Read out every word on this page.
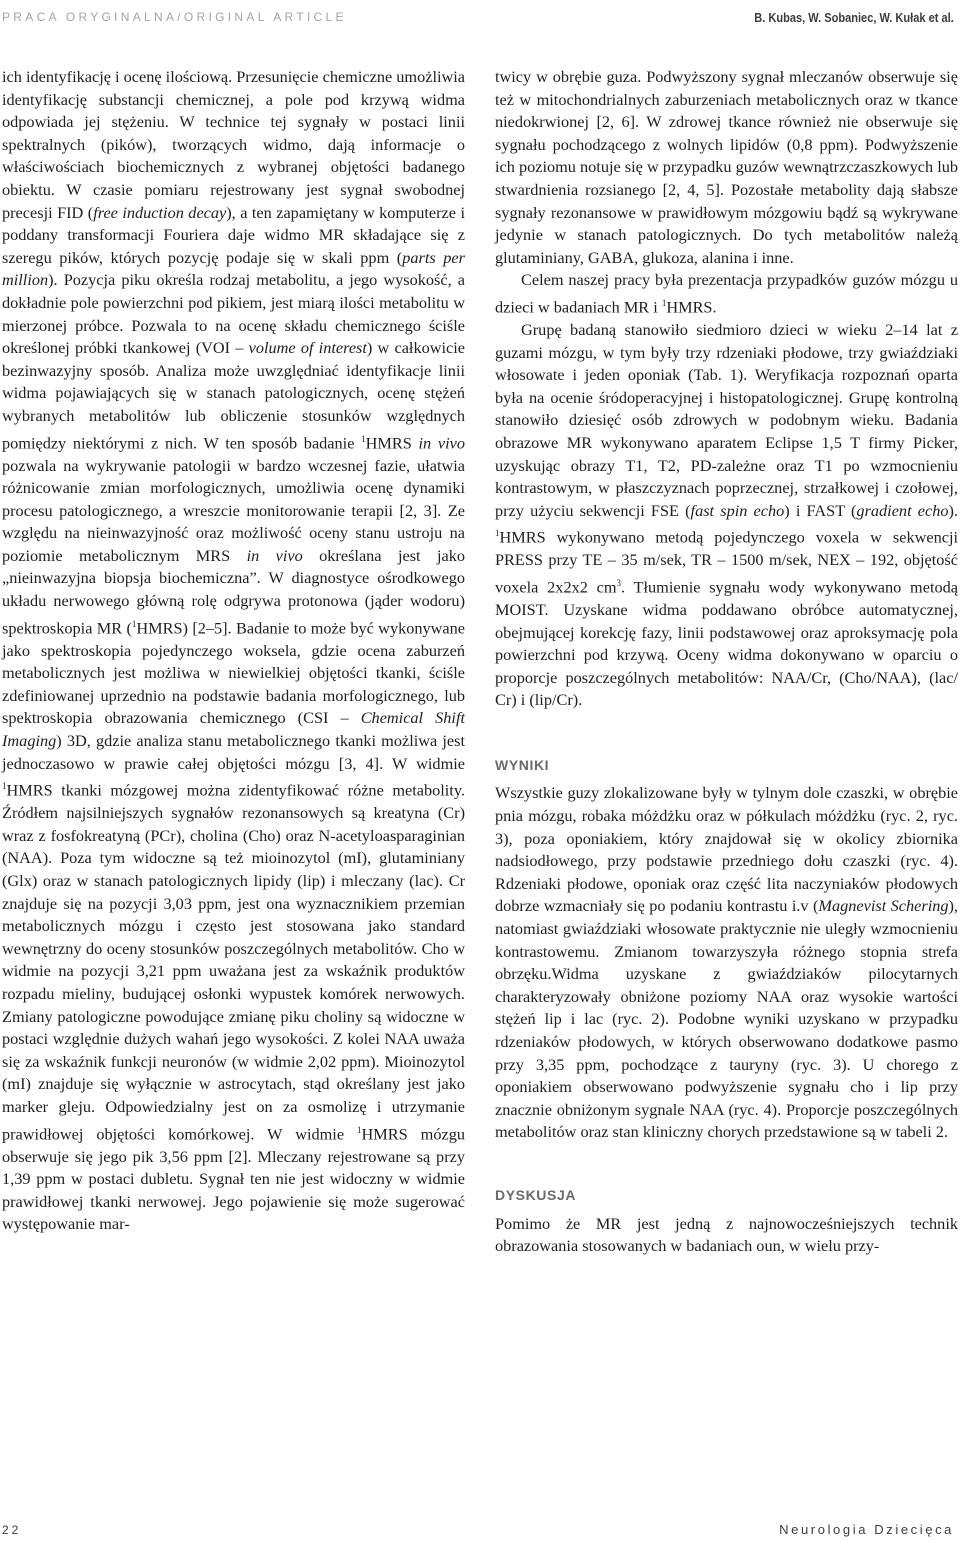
PRACA ORYGINALNA/ORIGINAL ARTICLE	B. Kubas, W. Sobaniec, W. Kułak et al.

ich identyfikację i ocenę ilościową. Przesunięcie chemiczne umożliwia identyfikację substancji chemicznej, a pole pod krzywą widma odpowiada jej stężeniu. W technice tej sygnały w postaci linii spektralnych (pików), tworzących widmo, dają informacje o właściwościach biochemicznych z wybranej objętości badanego obiektu. W czasie pomiaru rejestrowany jest sygnał swobodnej precesji FID (free induction decay), a ten zapamiętany w komputerze i poddany transformacji Fouriera daje widmo MR składające się z szeregu pików, których pozycję podaje się w skali ppm (parts per million). Pozycja piku określa rodzaj metabolitu, a jego wysokość, a dokładnie pole powierzchni pod pikiem, jest miarą ilości metabolitu w mierzonej próbce. Pozwala to na ocenę składu chemicznego ściśle określonej próbki tkankowej (VOI – volume of interest) w całkowicie bezinwazyjny sposób. Analiza może uwzględniać identyfikacje linii widma pojawiających się w stanach patologicznych, ocenę stężeń wybranych metabolitów lub obliczenie stosunków względnych pomiędzy niektórymi z nich. W ten sposób badanie $^1$HMRS in vivo pozwala na wykrywanie patologii w bardzo wczesnej fazie, ułatwia różnicowanie zmian morfologicznych, umożliwia ocenę dynamiki procesu patologicznego, a wreszcie monitorowanie terapii [2, 3]. Ze względu na nieinwazyjność oraz możliwość oceny stanu ustroju na poziomie metabolicznym MRS in vivo określana jest jako „nieinwazyjna biopsja biochemiczna”. W diagnostyce ośrodkowego układu nerwowego główną rolę odgrywa protonowa (jąder wodoru) spektroskopia MR ($^1$HMRS) [2–5]. Badanie to może być wykonywane jako spektroskopia pojedynczego woksela, gdzie ocena zaburzeń metabolicznych jest możliwa w niewielkiej objętości tkanki, ściśle zdefiniowanej uprzednio na podstawie badania morfologicznego, lub spektroskopia obrazowania chemicznego (CSI – Chemical Shift Imaging) 3D, gdzie analiza stanu metabolicznego tkanki możliwa jest jednoczasowo w prawie całej objętości mózgu [3, 4]. W widmie $^1$HMRS tkanki mózgowej można zidentyfikować różne metabolity. Źródłem najsilniejszych sygnałów rezonansowych są kreatyna (Cr) wraz z fosfokreatyną (PCr), cholina (Cho) oraz N-acetyloasparaginian (NAA). Poza tym widoczne są też mioinozytol (mI), glutaminiany (Glx) oraz w stanach patologicznych lipidy (lip) i mleczany (lac). Cr znajduje się na pozycji 3,03 ppm, jest ona wyznacznikiem przemian metabolicznych mózgu i często jest stosowana jako standard wewnętrzny do oceny stosunków poszczególnych metabolitów. Cho w widmie na pozycji 3,21 ppm uważana jest za wskaźnik produktów rozpadu mieliny, budującej osłonki wypustek komórek nerwowych. Zmiany patologiczne powodujące zmianę piku choliny są widoczne w postaci względnie dużych wahań jego wysokości. Z kolei NAA uważa się za wskaźnik funkcji neuronów (w widmie 2,02 ppm). Mioinozytol (mI) znajduje się wyłącznie w astrocytach, stąd określany jest jako marker gleju. Odpowiedzialny jest on za osmolizę i utrzymanie prawidłowej objętości komórkowej. W widmie $^1$HMRS mózgu obserwuje się jego pik 3,56 ppm [2]. Mleczany rejestrowane są przy 1,39 ppm w postaci dubletu. Sygnał ten nie jest widoczny w widmie prawidłowej tkanki nerwowej. Jego pojawienie się może sugerować występowanie mar-

twicy w obrębie guza. Podwyższony sygnał mleczanów obserwuje się też w mitochondrialnych zaburzeniach metabolicznych oraz w tkance niedokrwionej [2, 6]. W zdrowej tkance również nie obserwuje się sygnału pochodzącego z wolnych lipidów (0,8 ppm). Podwyższenie ich poziomu notuje się w przypadku guzów wewnątrzczaszkowych lub stwardnienia rozsianego [2, 4, 5]. Pozostałe metabolity dają słabsze sygnały rezonansowe w prawidłowym mózgowiu bądź są wykrywane jedynie w stanach patologicznych. Do tych metabolitów należą glutaminiany, GABA, glukoza, alanina i inne.

Celem naszej pracy była prezentacja przypadków guzów mózgu u dzieci w badaniach MR i $^1$HMRS.

Grupę badaną stanowiło siedmioro dzieci w wieku 2–14 lat z guzami mózgu, w tym były trzy rdzeniaki płodowe, trzy gwiaździaki włosowate i jeden oponiak (Tab. 1). Weryfikacja rozpoznań oparta była na ocenie śródoperacyjnej i histopatologicznej. Grupę kontrolną stanowiło dziesięć osób zdrowych w podobnym wieku. Badania obrazowe MR wykonywano aparatem Eclipse 1,5 T firmy Picker, uzyskując obrazy T1, T2, PD-zależne oraz T1 po wzmocnieniu kontrastowym, w płaszczyznach poprzecznej, strzałkowej i czołowej, przy użyciu sekwencji FSE (fast spin echo) i FAST (gradient echo). $^1$HMRS wykonywano metodą pojedynczego voxela w sekwencji PRESS przy TE – 35 m/sek, TR – 1500 m/sek, NEX – 192, objętość voxela 2x2x2 $cm^3$. Tłumienie sygnału wody wykonywano metodą MOIST. Uzyskane widma poddawano obróbce automatycznej, obejmującej korekcję fazy, linii podstawowej oraz aproksymację pola powierzchni pod krzywą. Oceny widma dokonywano w oparciu o proporcje poszczególnych metabolitów: NAA/Cr, (Cho/NAA), (lac/ Cr) i (lip/Cr).

WYNIKI

Wszystkie guzy zlokalizowane były w tylnym dole czaszki, w obrębie pnia mózgu, robaka móżdżku oraz w półkulach móżdżku (ryc. 2, ryc. 3), poza oponiakiem, który znajdował się w okolicy zbiornika nadsiodłowego, przy podstawie przedniego dołu czaszki (ryc. 4). Rdzeniaki płodowe, oponiak oraz część lita naczyniaków płodowych dobrze wzmacniały się po podaniu kontrastu i.v (Magnevist Schering), natomiast gwiaździaki włosowate praktycznie nie uległy wzmocnieniu kontrastowemu. Zmianom towarzyszyła różnego stopnia strefa obrzęku.Widma uzyskane z gwiaździaków pilocytarnych charakteryzowały obniżone poziomy NAA oraz wysokie wartości stężeń lip i lac (ryc. 2). Podobne wyniki uzyskano w przypadku rdzeniaków płodowych, w których obserwowano dodatkowe pasmo przy 3,35 ppm, pochodzące z tauryny (ryc. 3). U chorego z oponiakiem obserwowano podwyższenie sygnału cho i lip przy znacznie obniżonym sygnale NAA (ryc. 4). Proporcje poszczególnych metabolitów oraz stan kliniczny chorych przedstawione są w tabeli 2.

DYSKUSJA

Pomimo że MR jest jedną z najnowocześniejszych technik obrazowania stosowanych w badaniach oun, w wielu przy-

22	Neurologia Dziecięca
